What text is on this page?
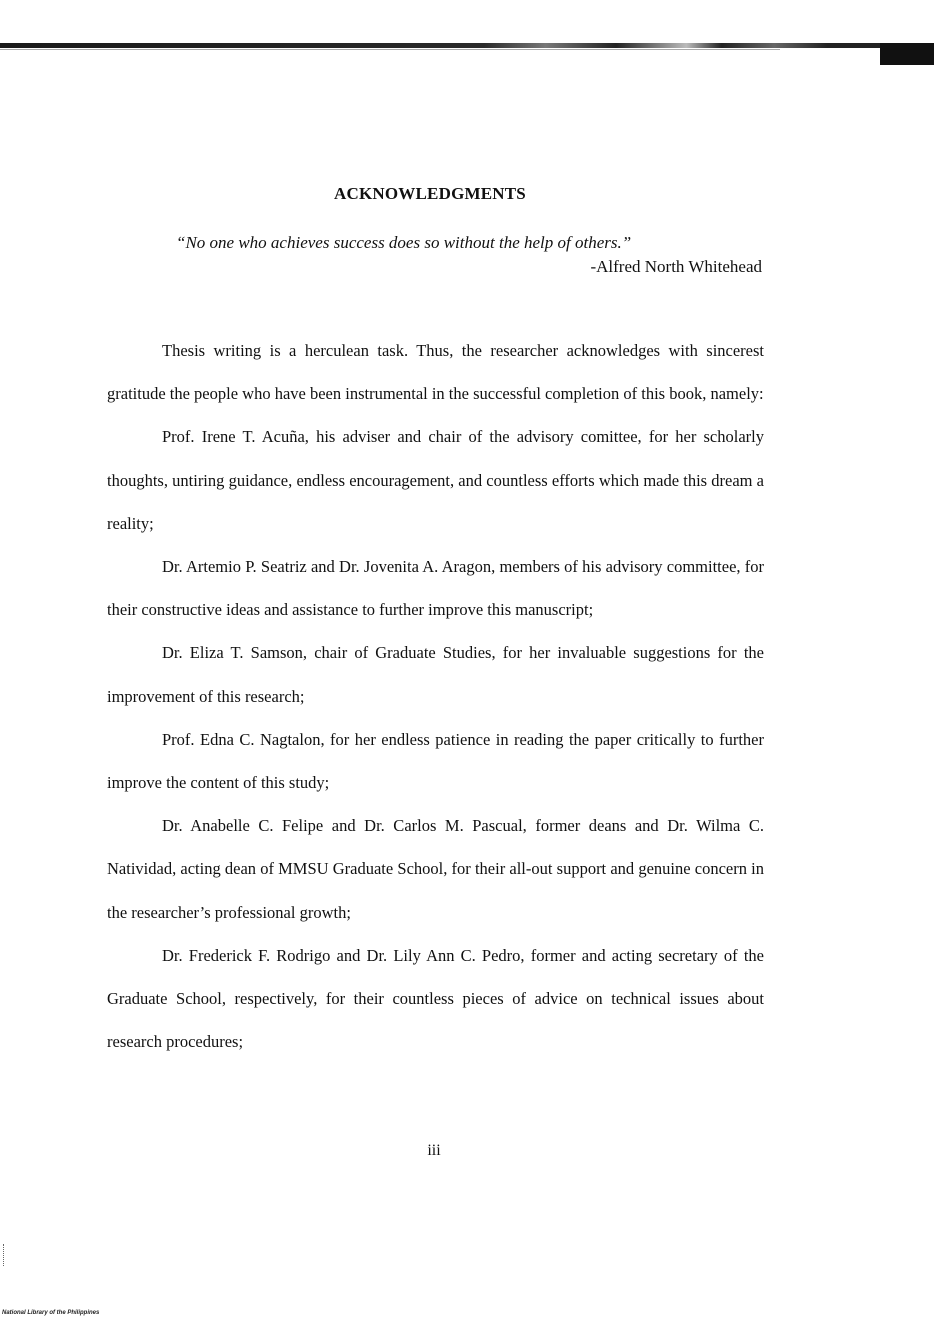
ACKNOWLEDGMENTS

“No one who achieves success does so without the help of others.”

-Alfred North Whitehead

Thesis writing is a herculean task. Thus, the researcher acknowledges with sincerest gratitude the people who have been instrumental in the successful completion of this book, namely:

Prof. Irene T. Acuña, his adviser and chair of the advisory comittee, for her scholarly thoughts, untiring guidance, endless encouragement, and countless efforts which made this dream a reality;

Dr. Artemio P. Seatriz and Dr. Jovenita A. Aragon, members of his advisory committee, for their constructive ideas and assistance to further improve this manuscript;

Dr. Eliza T. Samson, chair of Graduate Studies, for her invaluable suggestions for the improvement of this research;

Prof. Edna C. Nagtalon, for her endless patience in reading the paper critically to further improve the content of this study;

Dr. Anabelle C. Felipe and Dr. Carlos M. Pascual, former deans and Dr. Wilma C. Natividad, acting dean of MMSU Graduate School, for their all-out support and genuine concern in the researcher’s professional growth;

Dr. Frederick F. Rodrigo and Dr. Lily Ann C. Pedro, former and acting secretary of the Graduate School, respectively, for their countless pieces of advice on technical issues about research procedures;

iii

National Library of the Philippines
